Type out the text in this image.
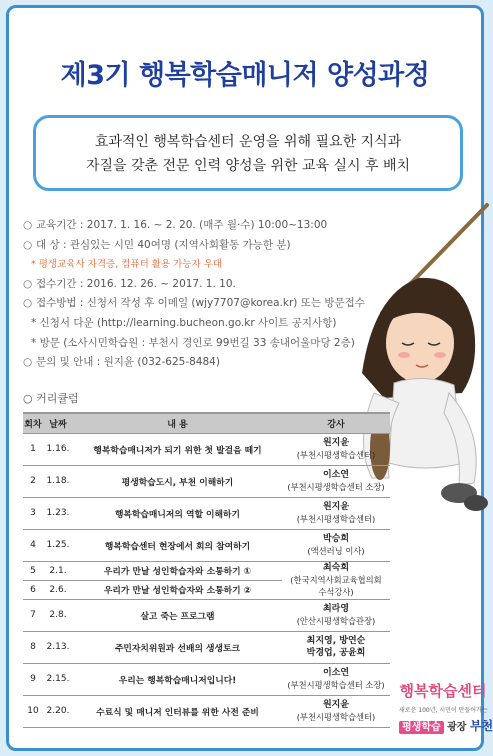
제3기 행복학습매니저 양성과정
효과적인 행복학습센터 운영을 위해 필요한 지식과
자질을 갖춘 전문 인력 양성을 위한 교육 실시 후 배치
○ 교육기간 : 2017. 1. 16. ~ 2. 20. (매주 월·수) 10:00~13:00
○ 대 상 : 관심있는 시민 40여명 (지역사회활동 가능한 분)
* 평생교육사 자격증, 컴퓨터 활용 가능자 우대
○ 접수기간 : 2016. 12. 26. ~ 2017. 1. 10.
○ 접수방법 : 신청서 작성 후 이메일 (wjy7707@korea.kr) 또는 방문접수
* 신청서 다운 (http://learning.bucheon.go.kr 사이트 공지사항)
* 방문 (소사시민학습원 : 부천시 경인로 99번길 33 송내어울마당 2층)
○ 문의 및 안내 : 원지윤 (032-625-8484)
○ 커리큘럼
회차	날짜	내 용	강사
1	1.16.	행복학습매니저가 되기 위한 첫 발걸음 떼기	원지윤
(부천시평생학습센터)

2	1.18.	평생학습도시, 부천 이해하기	이소연
(부천시평생학습센터 소장)

3	1.23.	행복학습매니저의 역할 이해하기	원지윤
(부천시평생학습센터)

4	1.25.	행복학습센터 현장에서 회의 참여하기	박승희
(액션러닝 이사)

5	2.1.	우리가 만날 성인학습자와 소통하기 ①	최숙희
(한국지역사회교육협의회
수석강사)

6	2.6.	우리가 만날 성인학습자와 소통하기 ②	
7	2.8.	살고 죽는 프로그램	최라영
(안산시평생학습관장)

8	2.13.	주민자치위원과 선배의 생생토크	최지영, 방연순
박경업, 공윤희

9	2.15.	우리는 행복학습매니저입니다!	이소연
(부천시평생학습센터 소장)

10	2.20.	수료식 및 매니저 인터뷰를 위한 사전 준비	원지윤
(부천시평생학습센터)
행복학습센터
새로운 100년, 시민이 만들어가는
평생학습 광장 부천
